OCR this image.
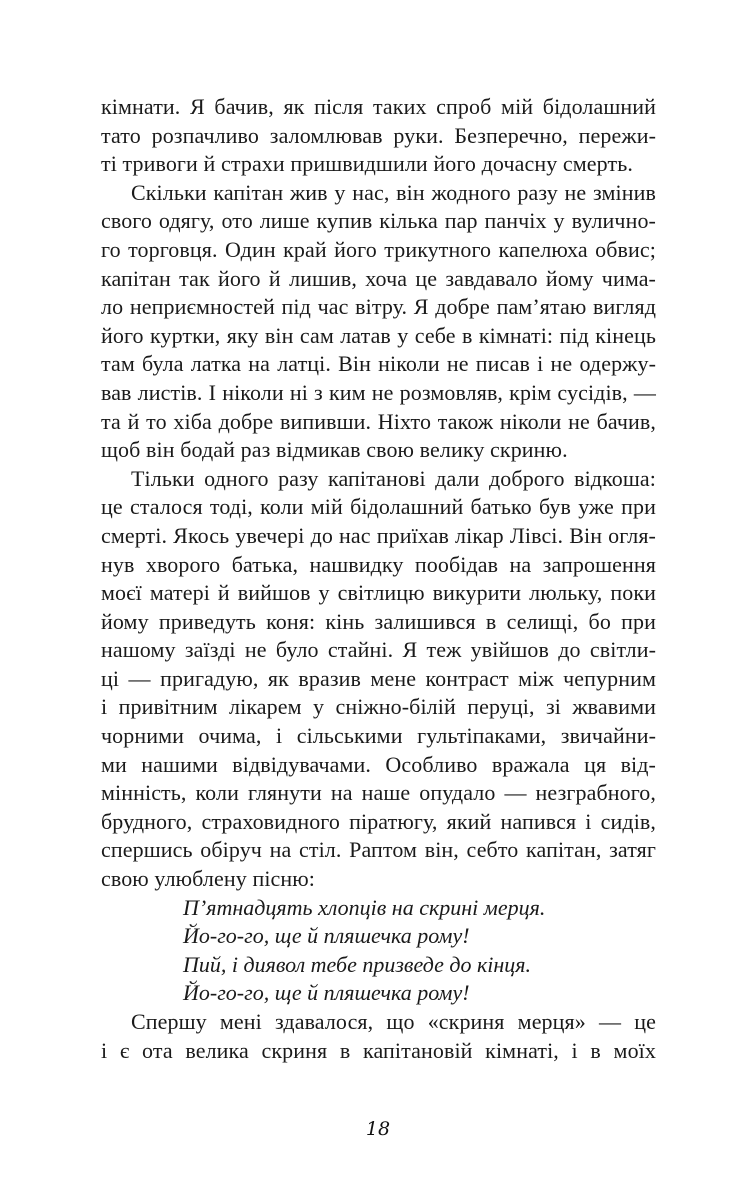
кімнати. Я бачив, як після таких спроб мій бідолашний
тато розпачливо заломлював руки. Безперечно, пережи-
ті тривоги й страхи пришвидшили його дочасну смерть.
Скільки капітан жив у нас, він жодного разу не змінив
свого одягу, ото лише купив кілька пар панчіх у вулично-
го торговця. Один край його трикутного капелюха обвис;
капітан так його й лишив, хоча це завдавало йому чима-
ло неприємностей під час вітру. Я добре пам’ятаю вигляд
його куртки, яку він сам латав у себе в кімнаті: під кінець
там була латка на латці. Він ніколи не писав і не одержу-
вав листів. І ніколи ні з ким не розмовляв, крім сусідів, —
та й то хіба добре випивши. Ніхто також ніколи не бачив,
щоб він бодай раз відмикав свою велику скриню.
Тільки одного разу капітанові дали доброго відкоша:
це сталося тоді, коли мій бідолашний батько був уже при
смерті. Якось увечері до нас приїхав лікар Лівсі. Він огля-
нув хворого батька, нашвидку пообідав на запрошення
моєї матері й вийшов у світлицю викурити люльку, поки
йому приведуть коня: кінь залишився в селищі, бо при
нашому заїзді не було стайні. Я теж увійшов до світли-
ці — пригадую, як вразив мене контраст між чепурним
і привітним лікарем у сніжно-білій перуці, зі жвавими
чорними очима, і сільськими гультіпаками, звичайни-
ми нашими відвідувачами. Особливо вражала ця від-
мінність, коли глянути на наше опудало — незграбного,
брудного, страховидного піратюгу, який напився і сидів,
спершись обіруч на стіл. Раптом він, себто капітан, затяг
свою улюблену пісню:
П’ятнадцять хлопців на скрині мерця.
Йо-го-го, ще й пляшечка рому!
Пий, і диявол тебе призведе до кінця.
Йо-го-го, ще й пляшечка рому!
Спершу мені здавалося, що «скриня мерця» — це
і є ота велика скриня в капітановій кімнаті, і в моїх
18
